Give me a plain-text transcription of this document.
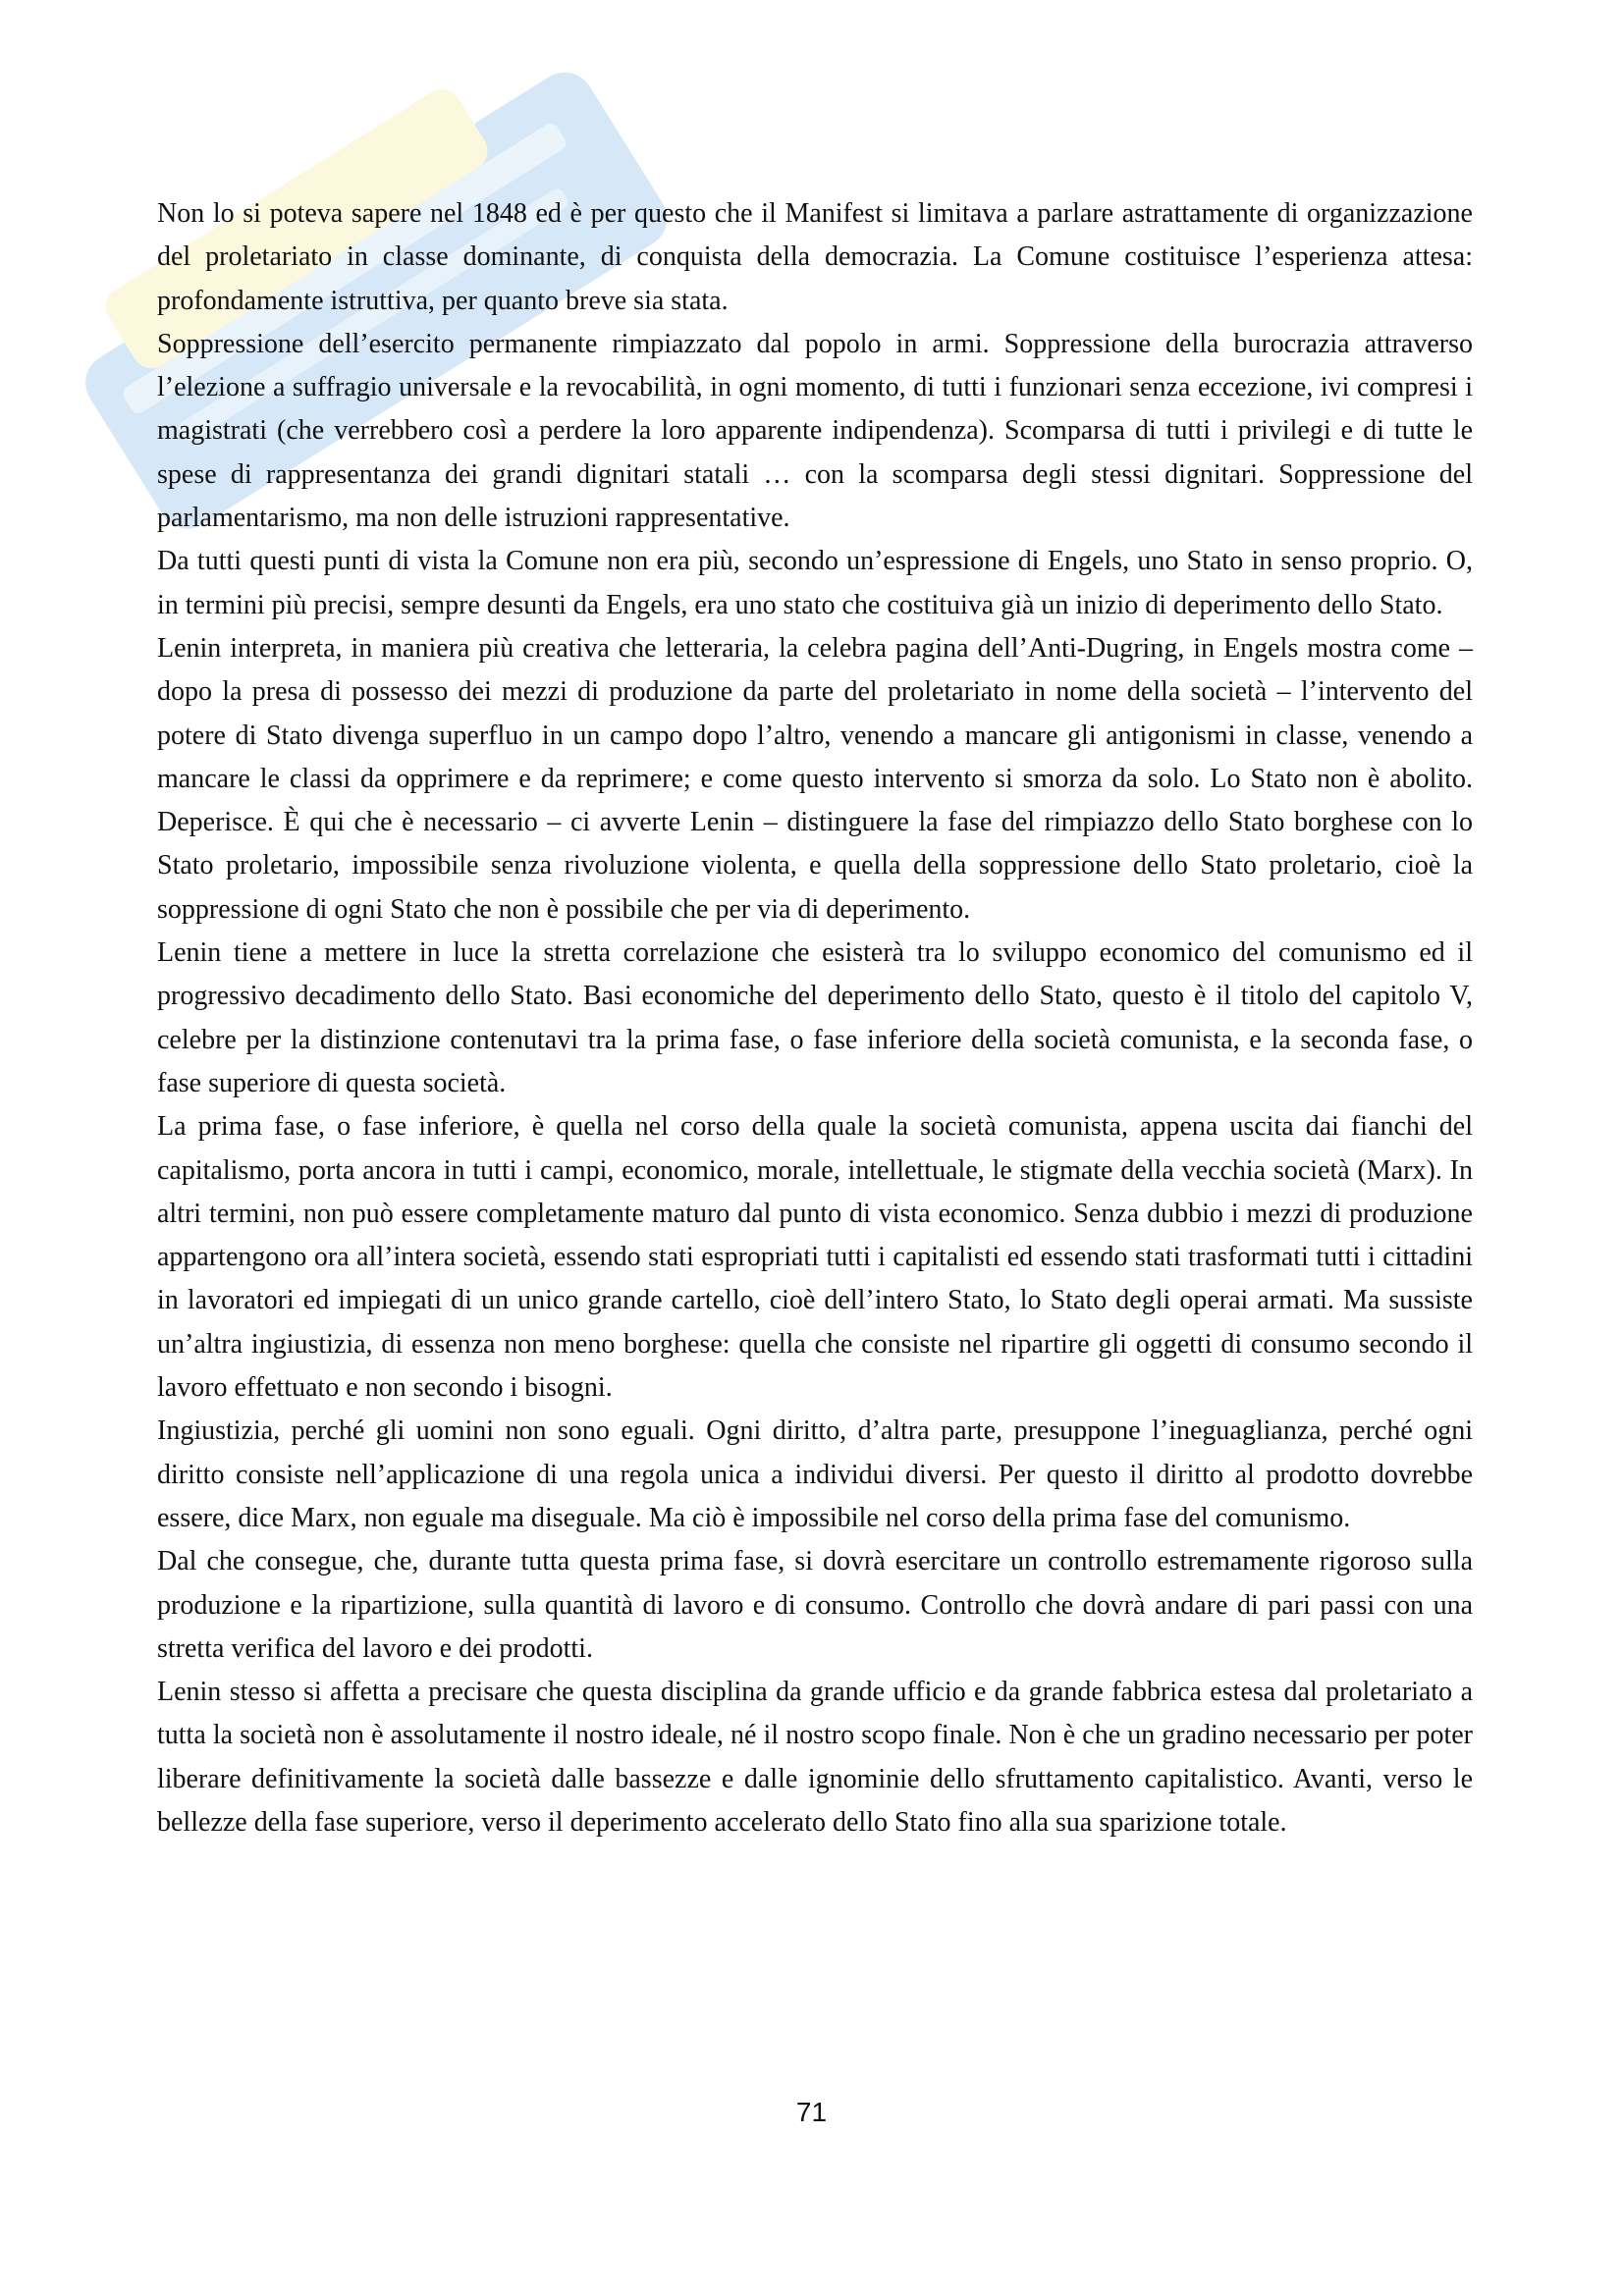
Non lo si poteva sapere nel 1848 ed è per questo che il Manifest si limitava a parlare astrattamente di organizzazione del proletariato in classe dominante, di conquista della democrazia. La Comune costituisce l’esperienza attesa: profondamente istruttiva, per quanto breve sia stata.

Soppressione dell’esercito permanente rimpiazzato dal popolo in armi. Soppressione della burocrazia attraverso l’elezione a suffragio universale e la revocabilità, in ogni momento, di tutti i funzionari senza eccezione, ivi compresi i magistrati (che verrebbero così a perdere la loro apparente indipendenza). Scomparsa di tutti i privilegi e di tutte le spese di rappresentanza dei grandi dignitari statali … con la scomparsa degli stessi dignitari. Soppressione del parlamentarismo, ma non delle istruzioni rappresentative.

Da tutti questi punti di vista la Comune non era più, secondo un’espressione di Engels, uno Stato in senso proprio. O, in termini più precisi, sempre desunti da Engels, era uno stato che costituiva già un inizio di deperimento dello Stato.

Lenin interpreta, in maniera più creativa che letteraria, la celebra pagina dell’Anti-Dugring, in Engels mostra come – dopo la presa di possesso dei mezzi di produzione da parte del proletariato in nome della società – l’intervento del potere di Stato divenga superfluo in un campo dopo l’altro, venendo a mancare gli antigonismi in classe, venendo a mancare le classi da opprimere e da reprimere; e come questo intervento si smorza da solo. Lo Stato non è abolito. Deperisce. È qui che è necessario – ci avverte Lenin – distinguere la fase del rimpiazzo dello Stato borghese con lo Stato proletario, impossibile senza rivoluzione violenta, e quella della soppressione dello Stato proletario, cioè la soppressione di ogni Stato che non è possibile che per via di deperimento.

Lenin tiene a mettere in luce la stretta correlazione che esisterà tra lo sviluppo economico del comunismo ed il progressivo decadimento dello Stato. Basi economiche del deperimento dello Stato, questo è il titolo del capitolo V, celebre per la distinzione contenutavi tra la prima fase, o fase inferiore della società comunista, e la seconda fase, o fase superiore di questa società.

La prima fase, o fase inferiore, è quella nel corso della quale la società comunista, appena uscita dai fianchi del capitalismo, porta ancora in tutti i campi, economico, morale, intellettuale, le stigmate della vecchia società (Marx). In altri termini, non può essere completamente maturo dal punto di vista economico. Senza dubbio i mezzi di produzione appartengono ora all’intera società, essendo stati espropriati tutti i capitalisti ed essendo stati trasformati tutti i cittadini in lavoratori ed impiegati di un unico grande cartello, cioè dell’intero Stato, lo Stato degli operai armati. Ma sussiste un’altra ingiustizia, di essenza non meno borghese: quella che consiste nel ripartire gli oggetti di consumo secondo il lavoro effettuato e non secondo i bisogni.

Ingiustizia, perché gli uomini non sono eguali. Ogni diritto, d’altra parte, presuppone l’ineguaglianza, perché ogni diritto consiste nell’applicazione di una regola unica a individui diversi. Per questo il diritto al prodotto dovrebbe essere, dice Marx, non eguale ma diseguale. Ma ciò è impossibile nel corso della prima fase del comunismo.

Dal che consegue, che, durante tutta questa prima fase, si dovrà esercitare un controllo estremamente rigoroso sulla produzione e la ripartizione, sulla quantità di lavoro e di consumo. Controllo che dovrà andare di pari passi con una stretta verifica del lavoro e dei prodotti.

Lenin stesso si affetta a precisare che questa disciplina da grande ufficio e da grande fabbrica estesa dal proletariato a tutta la società non è assolutamente il nostro ideale, né il nostro scopo finale. Non è che un gradino necessario per poter liberare definitivamente la società dalle bassezze e dalle ignominie dello sfruttamento capitalistico. Avanti, verso le bellezze della fase superiore, verso il deperimento accelerato dello Stato fino alla sua sparizione totale.

71
